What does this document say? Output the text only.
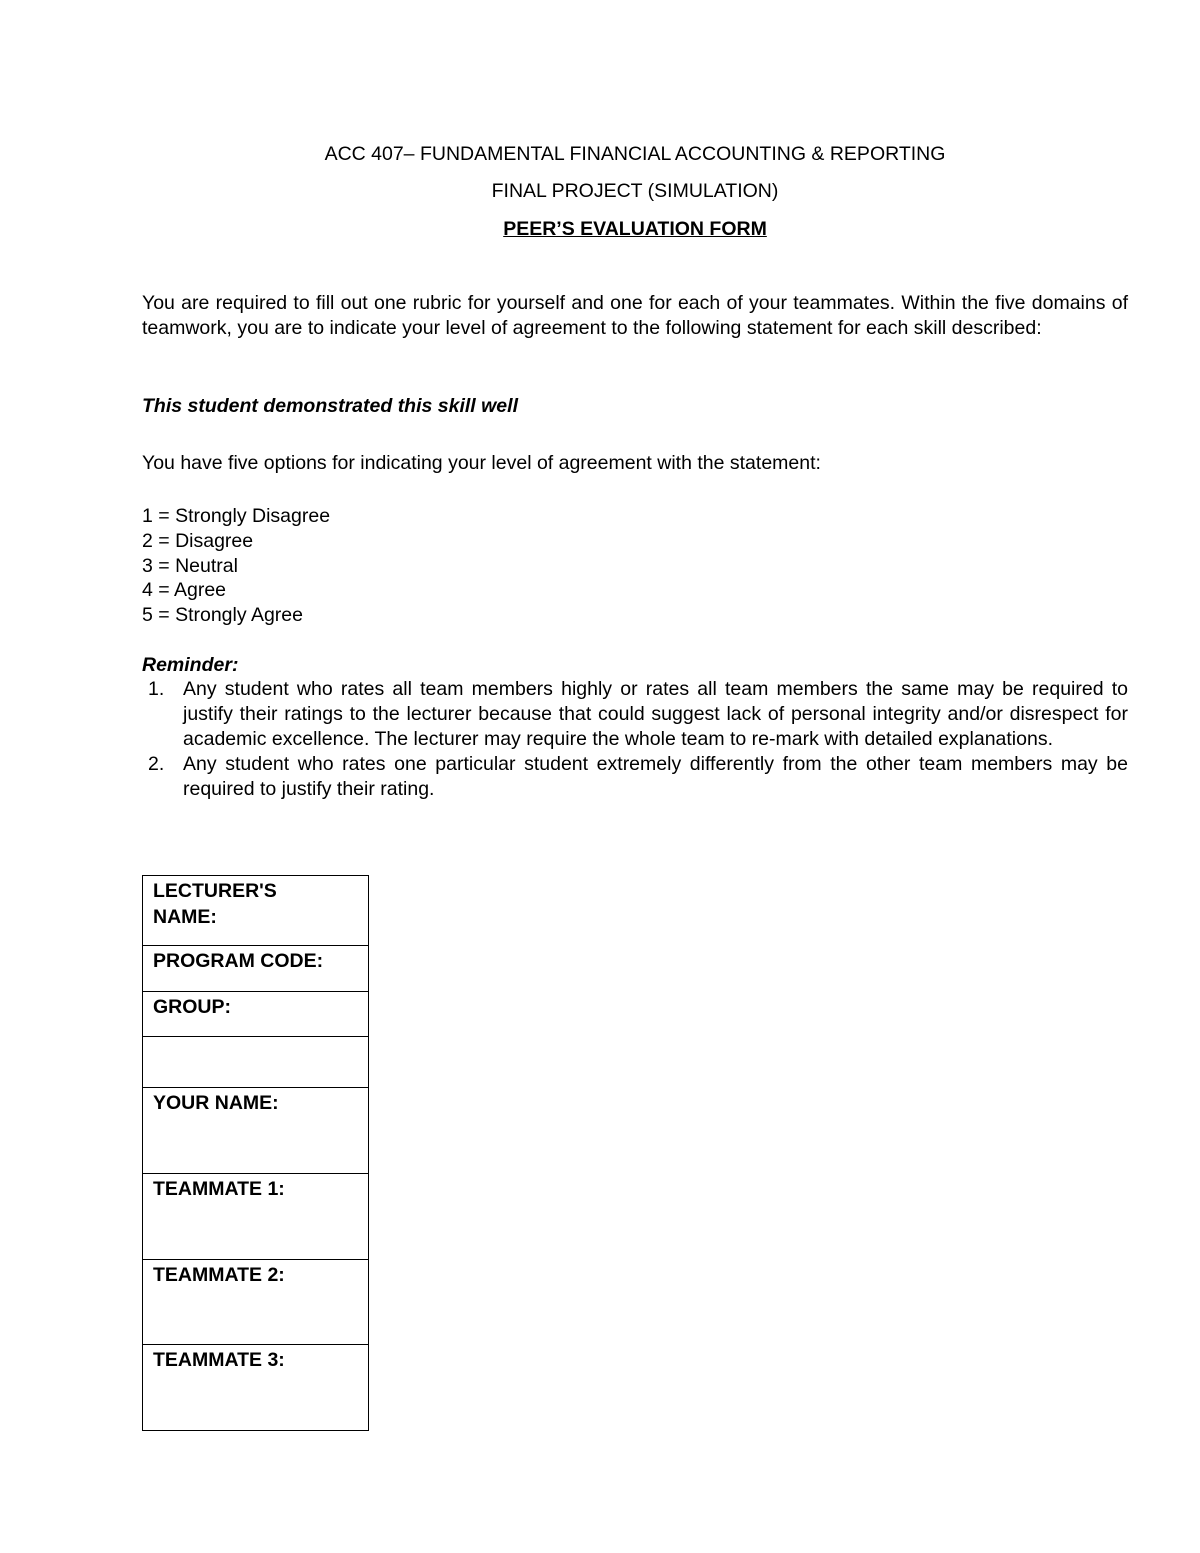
ACC 407– FUNDAMENTAL FINANCIAL ACCOUNTING & REPORTING
FINAL PROJECT (SIMULATION)
PEER’S EVALUATION FORM

You are required to fill out one rubric for yourself and one for each of your teammates. Within the five domains of teamwork, you are to indicate your level of agreement to the following statement for each skill described:

This student demonstrated this skill well

You have five options for indicating your level of agreement with the statement:

1 = Strongly Disagree
2 = Disagree
3 = Neutral
4 = Agree
5 = Strongly Agree

Reminder:

1. Any student who rates all team members highly or rates all team members the same may be required to justify their ratings to the lecturer because that could suggest lack of personal integrity and/or disrespect for academic excellence. The lecturer may require the whole team to re-mark with detailed explanations.
2. Any student who rates one particular student extremely differently from the other team members may be required to justify their rating.
LECTURER'S NAME:
PROGRAM CODE:
GROUP:

YOUR NAME:
TEAMMATE 1:
TEAMMATE 2:
TEAMMATE 3:
